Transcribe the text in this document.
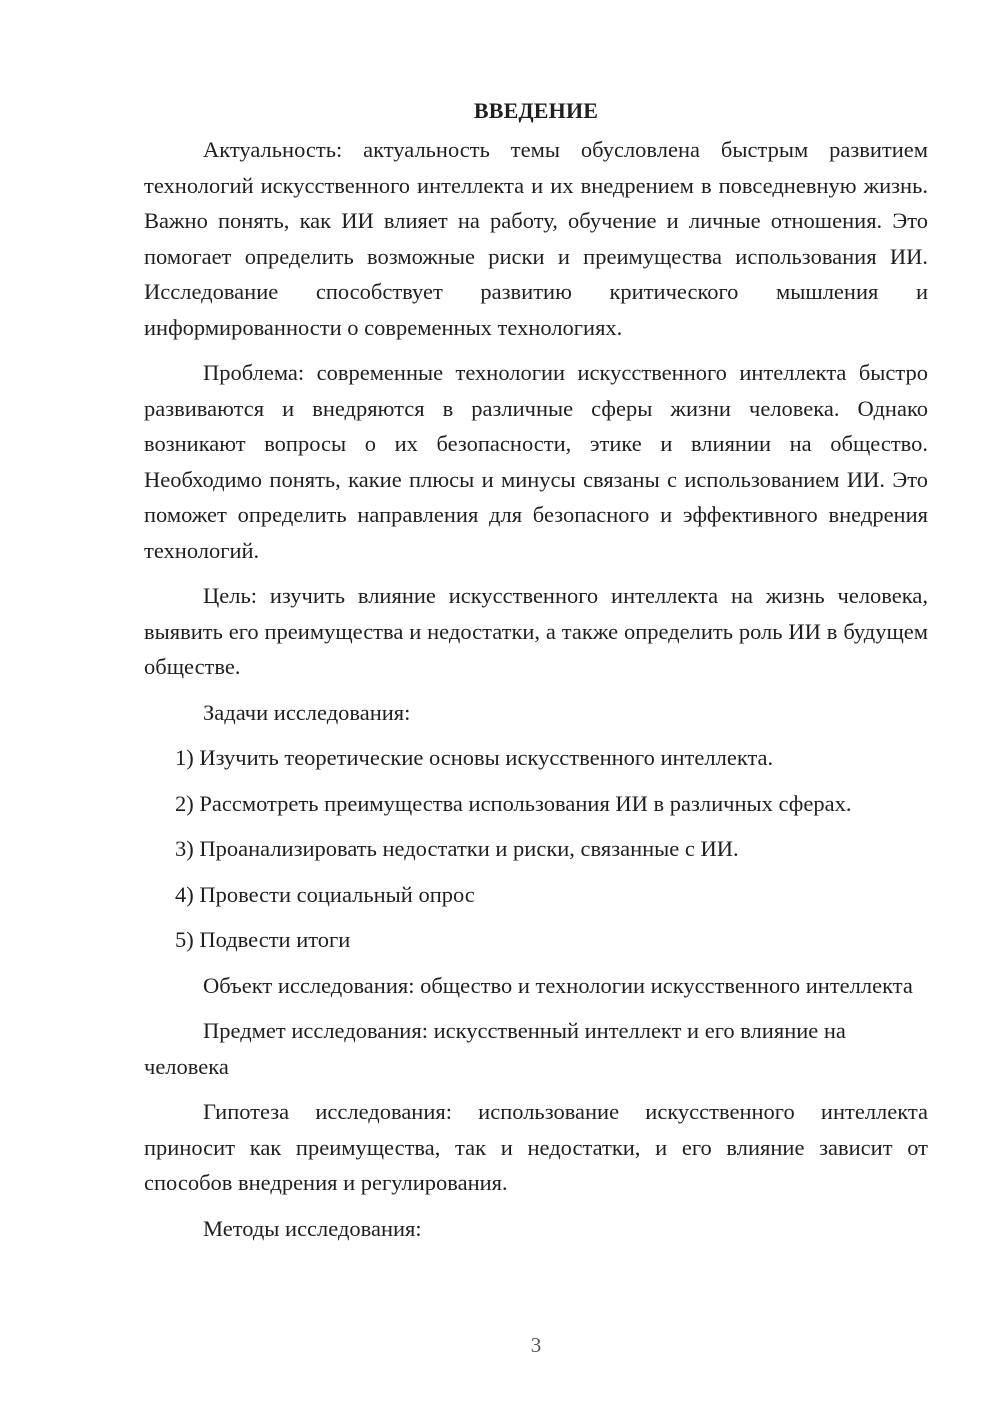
ВВЕДЕНИЕ

Актуальность: актуальность темы обусловлена быстрым развитием технологий искусственного интеллекта и их внедрением в повседневную жизнь. Важно понять, как ИИ влияет на работу, обучение и личные отношения. Это помогает определить возможные риски и преимущества использования ИИ. Исследование способствует развитию критического мышления и информированности о современных технологиях.

Проблема: современные технологии искусственного интеллекта быстро развиваются и внедряются в различные сферы жизни человека. Однако возникают вопросы о их безопасности, этике и влиянии на общество. Необходимо понять, какие плюсы и минусы связаны с использованием ИИ. Это поможет определить направления для безопасного и эффективного внедрения технологий.

Цель: изучить влияние искусственного интеллекта на жизнь человека, выявить его преимущества и недостатки, а также определить роль ИИ в будущем обществе.

Задачи исследования:
1) Изучить теоретические основы искусственного интеллекта.
2) Рассмотреть преимущества использования ИИ в различных сферах.
3) Проанализировать недостатки и риски, связанные с ИИ.
4) Провести социальный опрос
5) Подвести итоги

Объект исследования: общество и технологии искусственного интеллекта

Предмет исследования: искусственный интеллект и его влияние на человека

Гипотеза исследования: использование искусственного интеллекта приносит как преимущества, так и недостатки, и его влияние зависит от способов внедрения и регулирования.

Методы исследования:
3
